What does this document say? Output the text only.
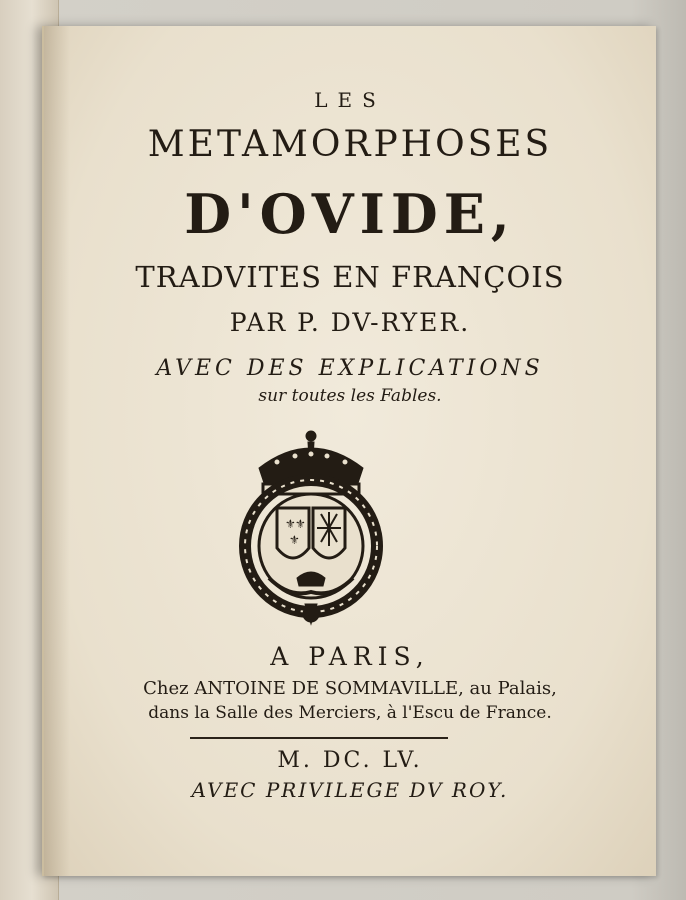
LES
METAMORPHOSES
D'OVIDE,
TRADVITES EN FRANÇOIS
PAR P. DV-RYER.
AVEC DES EXPLICATIONS
sur toutes les Fables.
⚜ ⚜
⚜
A PARIS,
Chez ANTOINE DE SOMMAVILLE, au Palais,
dans la Salle des Merciers, à l'Escu de France.
M. DC. LV.
AVEC PRIVILEGE DV ROY.
